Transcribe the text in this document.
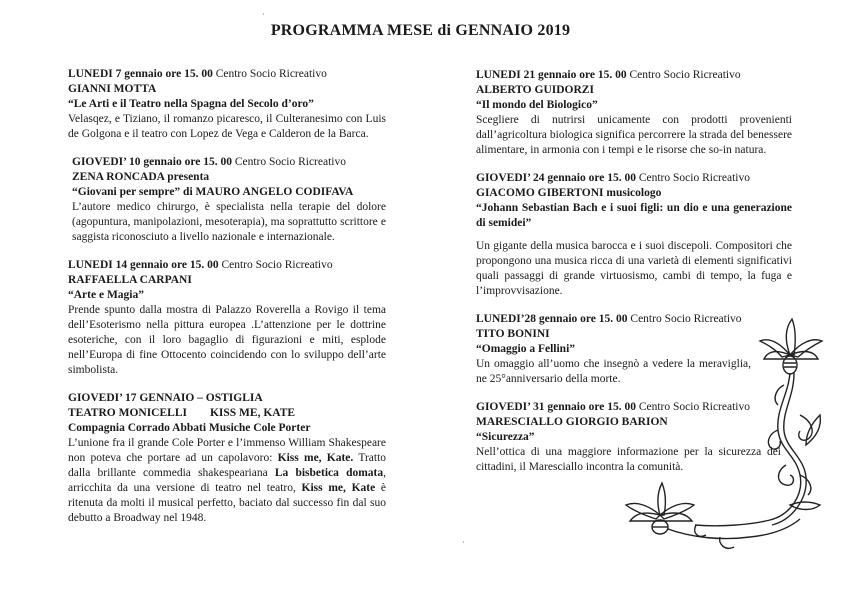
PROGRAMMA MESE di GENNAIO 2019

LUNEDI 7 gennaio ore 15. 00 Centro Socio Ricreativo

GIANNI MOTTA

“Le Arti e il Teatro nella Spagna del Secolo d’oro”

Velasqez, e Tiziano, il romanzo picaresco, il Culteranesimo con Luis de Golgona e il teatro con Lopez de Vega e Calderon de la Barca.

GIOVEDI’ 10 gennaio ore 15. 00 Centro Socio Ricreativo

ZENA RONCADA presenta

“Giovani per sempre” di MAURO ANGELO CODIFAVA

L’autore medico chirurgo, è specialista nella terapie del dolore (agopuntura, manipolazioni, mesoterapia), ma soprattutto scrittore e saggista riconosciuto a livello nazionale e internazionale.

LUNEDI 14 gennaio ore 15. 00 Centro Socio Ricreativo

RAFFAELLA CARPANI

“Arte e Magia”

Prende spunto dalla mostra di Palazzo Roverella a Rovigo il tema dell’Esoterismo nella pittura europea .L’attenzione per le dottrine esoteriche, con il loro bagaglio di figurazioni e miti, esplode nell’Europa di fine Ottocento coincidendo con lo sviluppo dell’arte simbolista.

GIOVEDI’ 17 GENNAIO – OSTIGLIA

TEATRO MONICELLI        KISS ME, KATE

Compagnia Corrado Abbati Musiche Cole Porter

L’unione fra il grande Cole Porter e l’immenso William Shakespeare non poteva che portare ad un capolavoro: Kiss me, Kate. Tratto dalla brillante commedia shakespeariana La bisbetica domata, arricchita da una versione di teatro nel teatro, Kiss me, Kate è ritenuta da molti il musical perfetto, baciato dal successo fin dal suo debutto a Broadway nel 1948.

LUNEDI 21 gennaio ore 15. 00 Centro Socio Ricreativo

ALBERTO GUIDORZI

“Il mondo del Biologico”

Scegliere di nutrirsi unicamente con prodotti provenienti dall’agricoltura biologica significa percorrere la strada del benessere alimentare, in armonia con i tempi e le risorse che so-in natura.

GIOVEDI’ 24 gennaio ore 15. 00 Centro Socio Ricreativo

GIACOMO GIBERTONI musicologo

“Johann Sebastian Bach e i suoi figli: un dio e una generazione di semidei”

Un gigante della musica barocca e i suoi discepoli. Compositori che propongono una musica ricca di una varietà di elementi significativi quali passaggi di grande virtuosismo, cambi di tempo, la fuga e l’improvvisazione.

LUNEDI’28 gennaio ore 15. 00 Centro Socio Ricreativo

TITO BONINI

“Omaggio a Fellini”

Un omaggio all’uomo che insegnò a vedere la meraviglia, ne 25°anniversario della morte.

GIOVEDI’ 31 gennaio ore 15. 00 Centro Socio Ricreativo

MARESCIALLO GIORGIO BARION

“Sicurezza”

Nell’ottica di una maggiore informazione per la sicurezza dei cittadini, il Maresciallo incontra la comunità.

·
·
